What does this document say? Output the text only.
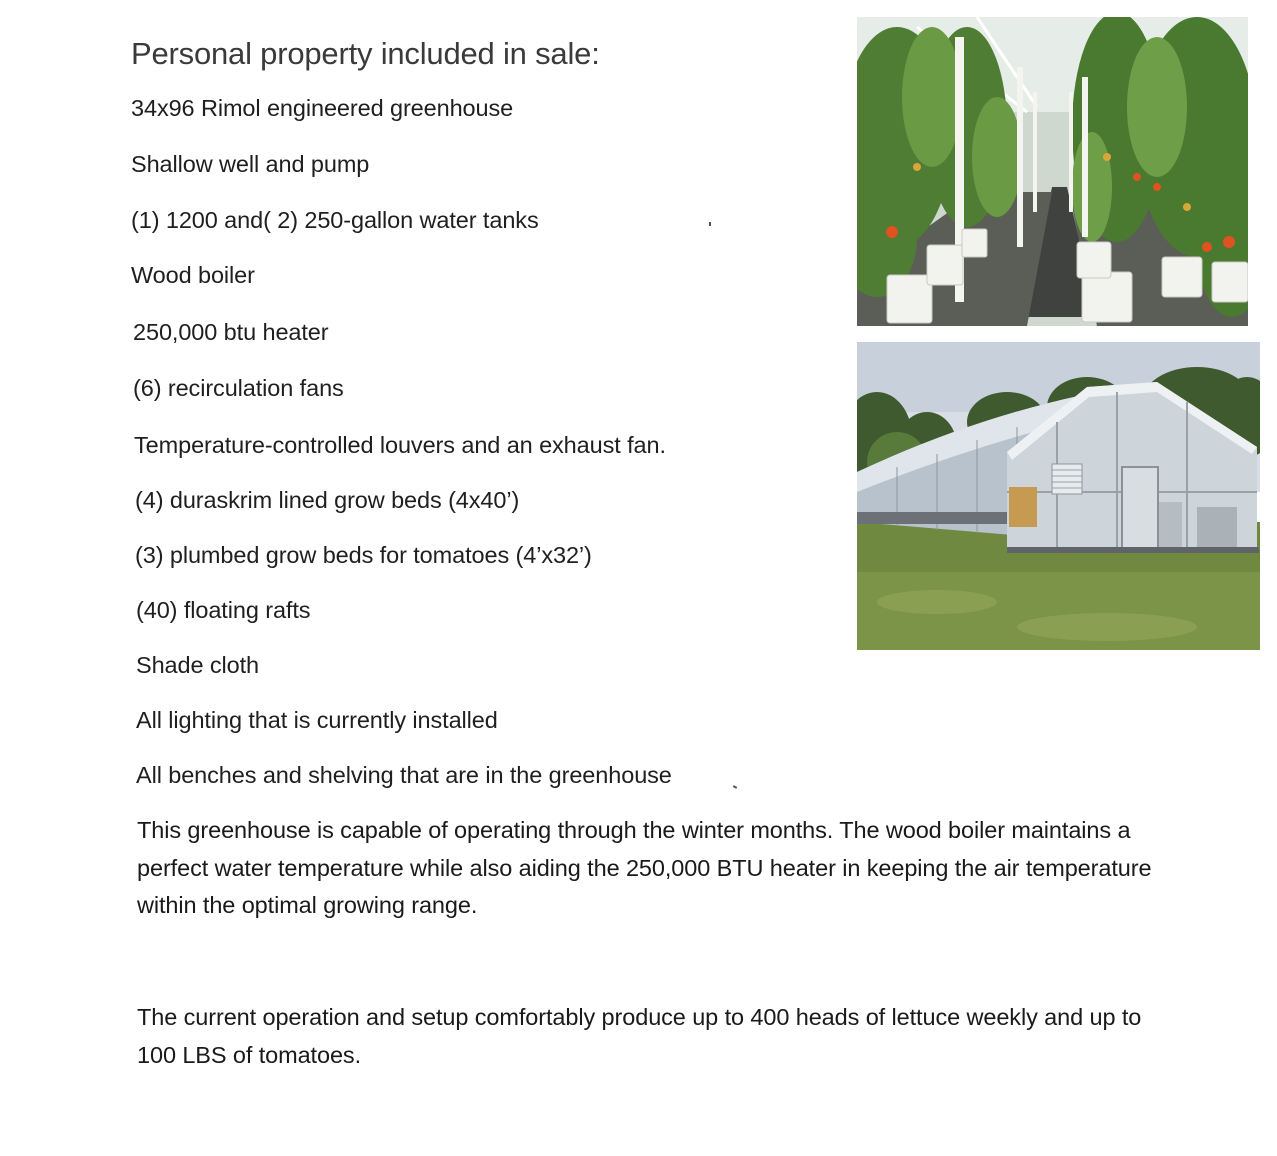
Personal property included in sale:
34x96 Rimol engineered greenhouse
Shallow well and pump
(1) 1200 and( 2) 250-gallon water tanks
Wood boiler
250,000 btu heater
(6) recirculation fans
Temperature-controlled louvers and an exhaust fan.
(4) duraskrim lined grow beds (4x40’)
(3) plumbed grow beds for tomatoes (4’x32’)
(40) floating rafts
Shade cloth
All lighting that is currently installed
All benches and shelving that are in the greenhouse
This greenhouse is capable of operating through the winter months. The wood boiler maintains a perfect water temperature while also aiding the 250,000 BTU heater in keeping the air temperature within the optimal growing range.
The current operation and setup comfortably produce up to 400 heads of lettuce weekly and up to 100 LBS of tomatoes.
